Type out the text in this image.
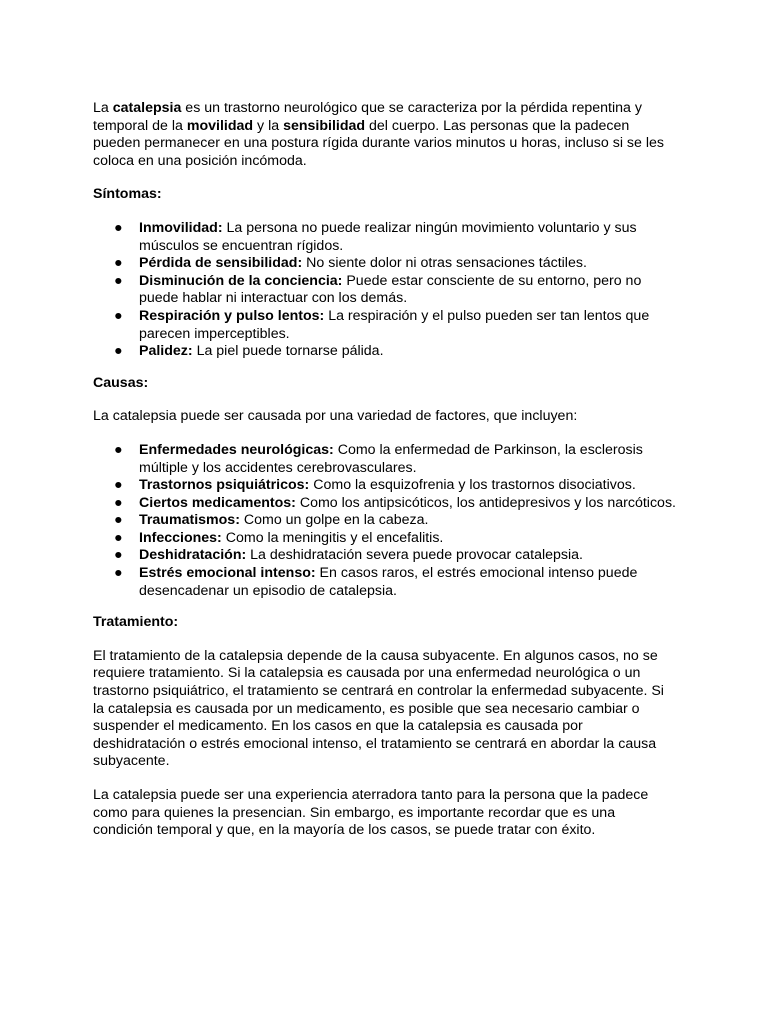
La catalepsia es un trastorno neurológico que se caracteriza por la pérdida repentina y temporal de la movilidad y la sensibilidad del cuerpo. Las personas que la padecen pueden permanecer en una postura rígida durante varios minutos u horas, incluso si se les coloca en una posición incómoda.

Síntomas:

● Inmovilidad: La persona no puede realizar ningún movimiento voluntario y sus músculos se encuentran rígidos.
● Pérdida de sensibilidad: No siente dolor ni otras sensaciones táctiles.
● Disminución de la conciencia: Puede estar consciente de su entorno, pero no puede hablar ni interactuar con los demás.
● Respiración y pulso lentos: La respiración y el pulso pueden ser tan lentos que parecen imperceptibles.
● Palidez: La piel puede tornarse pálida.

Causas:

La catalepsia puede ser causada por una variedad de factores, que incluyen:

● Enfermedades neurológicas: Como la enfermedad de Parkinson, la esclerosis múltiple y los accidentes cerebrovasculares.
● Trastornos psiquiátricos: Como la esquizofrenia y los trastornos disociativos.
● Ciertos medicamentos: Como los antipsicóticos, los antidepresivos y los narcóticos.
● Traumatismos: Como un golpe en la cabeza.
● Infecciones: Como la meningitis y el encefalitis.
● Deshidratación: La deshidratación severa puede provocar catalepsia.
● Estrés emocional intenso: En casos raros, el estrés emocional intenso puede desencadenar un episodio de catalepsia.

Tratamiento:

El tratamiento de la catalepsia depende de la causa subyacente. En algunos casos, no se requiere tratamiento. Si la catalepsia es causada por una enfermedad neurológica o un trastorno psiquiátrico, el tratamiento se centrará en controlar la enfermedad subyacente. Si la catalepsia es causada por un medicamento, es posible que sea necesario cambiar o suspender el medicamento. En los casos en que la catalepsia es causada por deshidratación o estrés emocional intenso, el tratamiento se centrará en abordar la causa subyacente.

La catalepsia puede ser una experiencia aterradora tanto para la persona que la padece como para quienes la presencian. Sin embargo, es importante recordar que es una condición temporal y que, en la mayoría de los casos, se puede tratar con éxito.
